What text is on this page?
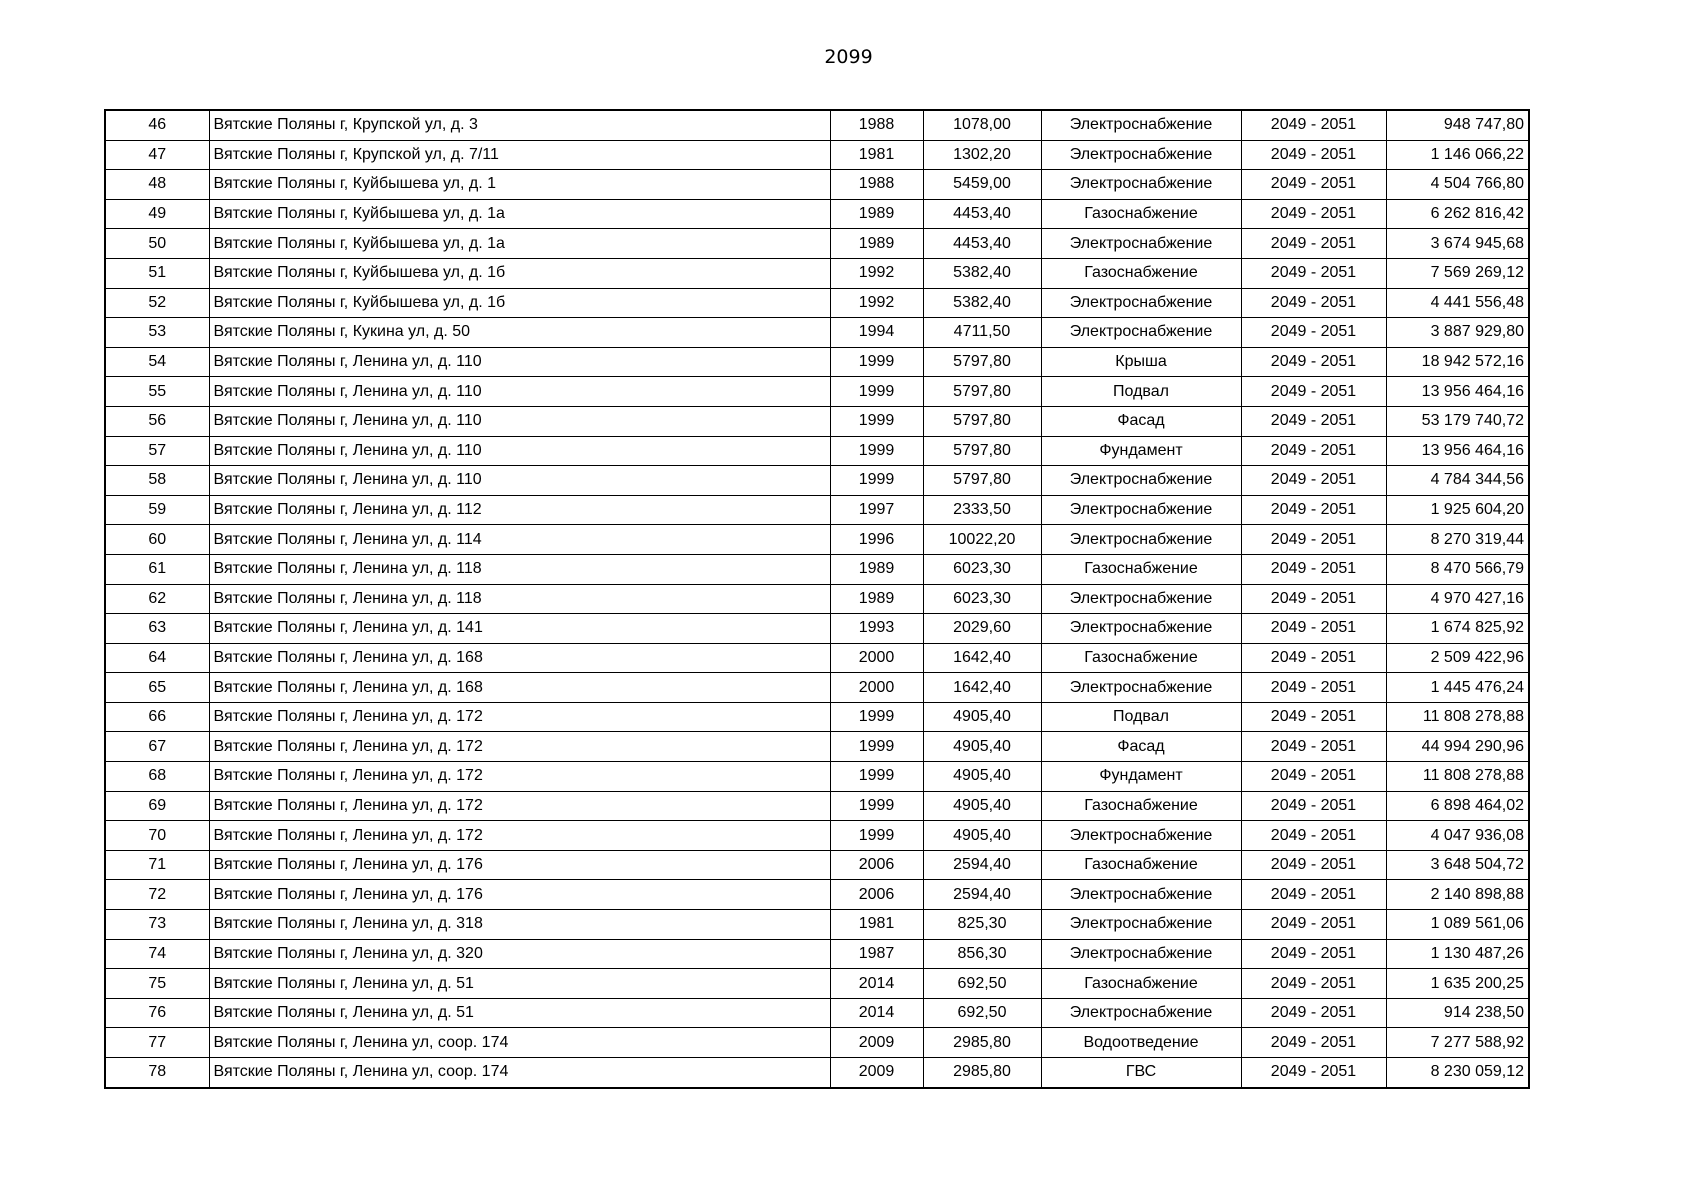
2099
46	Вятские Поляны г, Крупской ул, д. 3	1988	1078,00	Электроснабжение	2049 - 2051	948 747,80
47	Вятские Поляны г, Крупской ул, д. 7/11	1981	1302,20	Электроснабжение	2049 - 2051	1 146 066,22
48	Вятские Поляны г, Куйбышева ул, д. 1	1988	5459,00	Электроснабжение	2049 - 2051	4 504 766,80
49	Вятские Поляны г, Куйбышева ул, д. 1а	1989	4453,40	Газоснабжение	2049 - 2051	6 262 816,42
50	Вятские Поляны г, Куйбышева ул, д. 1а	1989	4453,40	Электроснабжение	2049 - 2051	3 674 945,68
51	Вятские Поляны г, Куйбышева ул, д. 1б	1992	5382,40	Газоснабжение	2049 - 2051	7 569 269,12
52	Вятские Поляны г, Куйбышева ул, д. 1б	1992	5382,40	Электроснабжение	2049 - 2051	4 441 556,48
53	Вятские Поляны г, Кукина ул, д. 50	1994	4711,50	Электроснабжение	2049 - 2051	3 887 929,80
54	Вятские Поляны г, Ленина ул, д. 110	1999	5797,80	Крыша	2049 - 2051	18 942 572,16
55	Вятские Поляны г, Ленина ул, д. 110	1999	5797,80	Подвал	2049 - 2051	13 956 464,16
56	Вятские Поляны г, Ленина ул, д. 110	1999	5797,80	Фасад	2049 - 2051	53 179 740,72
57	Вятские Поляны г, Ленина ул, д. 110	1999	5797,80	Фундамент	2049 - 2051	13 956 464,16
58	Вятские Поляны г, Ленина ул, д. 110	1999	5797,80	Электроснабжение	2049 - 2051	4 784 344,56
59	Вятские Поляны г, Ленина ул, д. 112	1997	2333,50	Электроснабжение	2049 - 2051	1 925 604,20
60	Вятские Поляны г, Ленина ул, д. 114	1996	10022,20	Электроснабжение	2049 - 2051	8 270 319,44
61	Вятские Поляны г, Ленина ул, д. 118	1989	6023,30	Газоснабжение	2049 - 2051	8 470 566,79
62	Вятские Поляны г, Ленина ул, д. 118	1989	6023,30	Электроснабжение	2049 - 2051	4 970 427,16
63	Вятские Поляны г, Ленина ул, д. 141	1993	2029,60	Электроснабжение	2049 - 2051	1 674 825,92
64	Вятские Поляны г, Ленина ул, д. 168	2000	1642,40	Газоснабжение	2049 - 2051	2 509 422,96
65	Вятские Поляны г, Ленина ул, д. 168	2000	1642,40	Электроснабжение	2049 - 2051	1 445 476,24
66	Вятские Поляны г, Ленина ул, д. 172	1999	4905,40	Подвал	2049 - 2051	11 808 278,88
67	Вятские Поляны г, Ленина ул, д. 172	1999	4905,40	Фасад	2049 - 2051	44 994 290,96
68	Вятские Поляны г, Ленина ул, д. 172	1999	4905,40	Фундамент	2049 - 2051	11 808 278,88
69	Вятские Поляны г, Ленина ул, д. 172	1999	4905,40	Газоснабжение	2049 - 2051	6 898 464,02
70	Вятские Поляны г, Ленина ул, д. 172	1999	4905,40	Электроснабжение	2049 - 2051	4 047 936,08
71	Вятские Поляны г, Ленина ул, д. 176	2006	2594,40	Газоснабжение	2049 - 2051	3 648 504,72
72	Вятские Поляны г, Ленина ул, д. 176	2006	2594,40	Электроснабжение	2049 - 2051	2 140 898,88
73	Вятские Поляны г, Ленина ул, д. 318	1981	825,30	Электроснабжение	2049 - 2051	1 089 561,06
74	Вятские Поляны г, Ленина ул, д. 320	1987	856,30	Электроснабжение	2049 - 2051	1 130 487,26
75	Вятские Поляны г, Ленина ул, д. 51	2014	692,50	Газоснабжение	2049 - 2051	1 635 200,25
76	Вятские Поляны г, Ленина ул, д. 51	2014	692,50	Электроснабжение	2049 - 2051	914 238,50
77	Вятские Поляны г, Ленина ул, соор. 174	2009	2985,80	Водоотведение	2049 - 2051	7 277 588,92
78	Вятские Поляны г, Ленина ул, соор. 174	2009	2985,80	ГВС	2049 - 2051	8 230 059,12
